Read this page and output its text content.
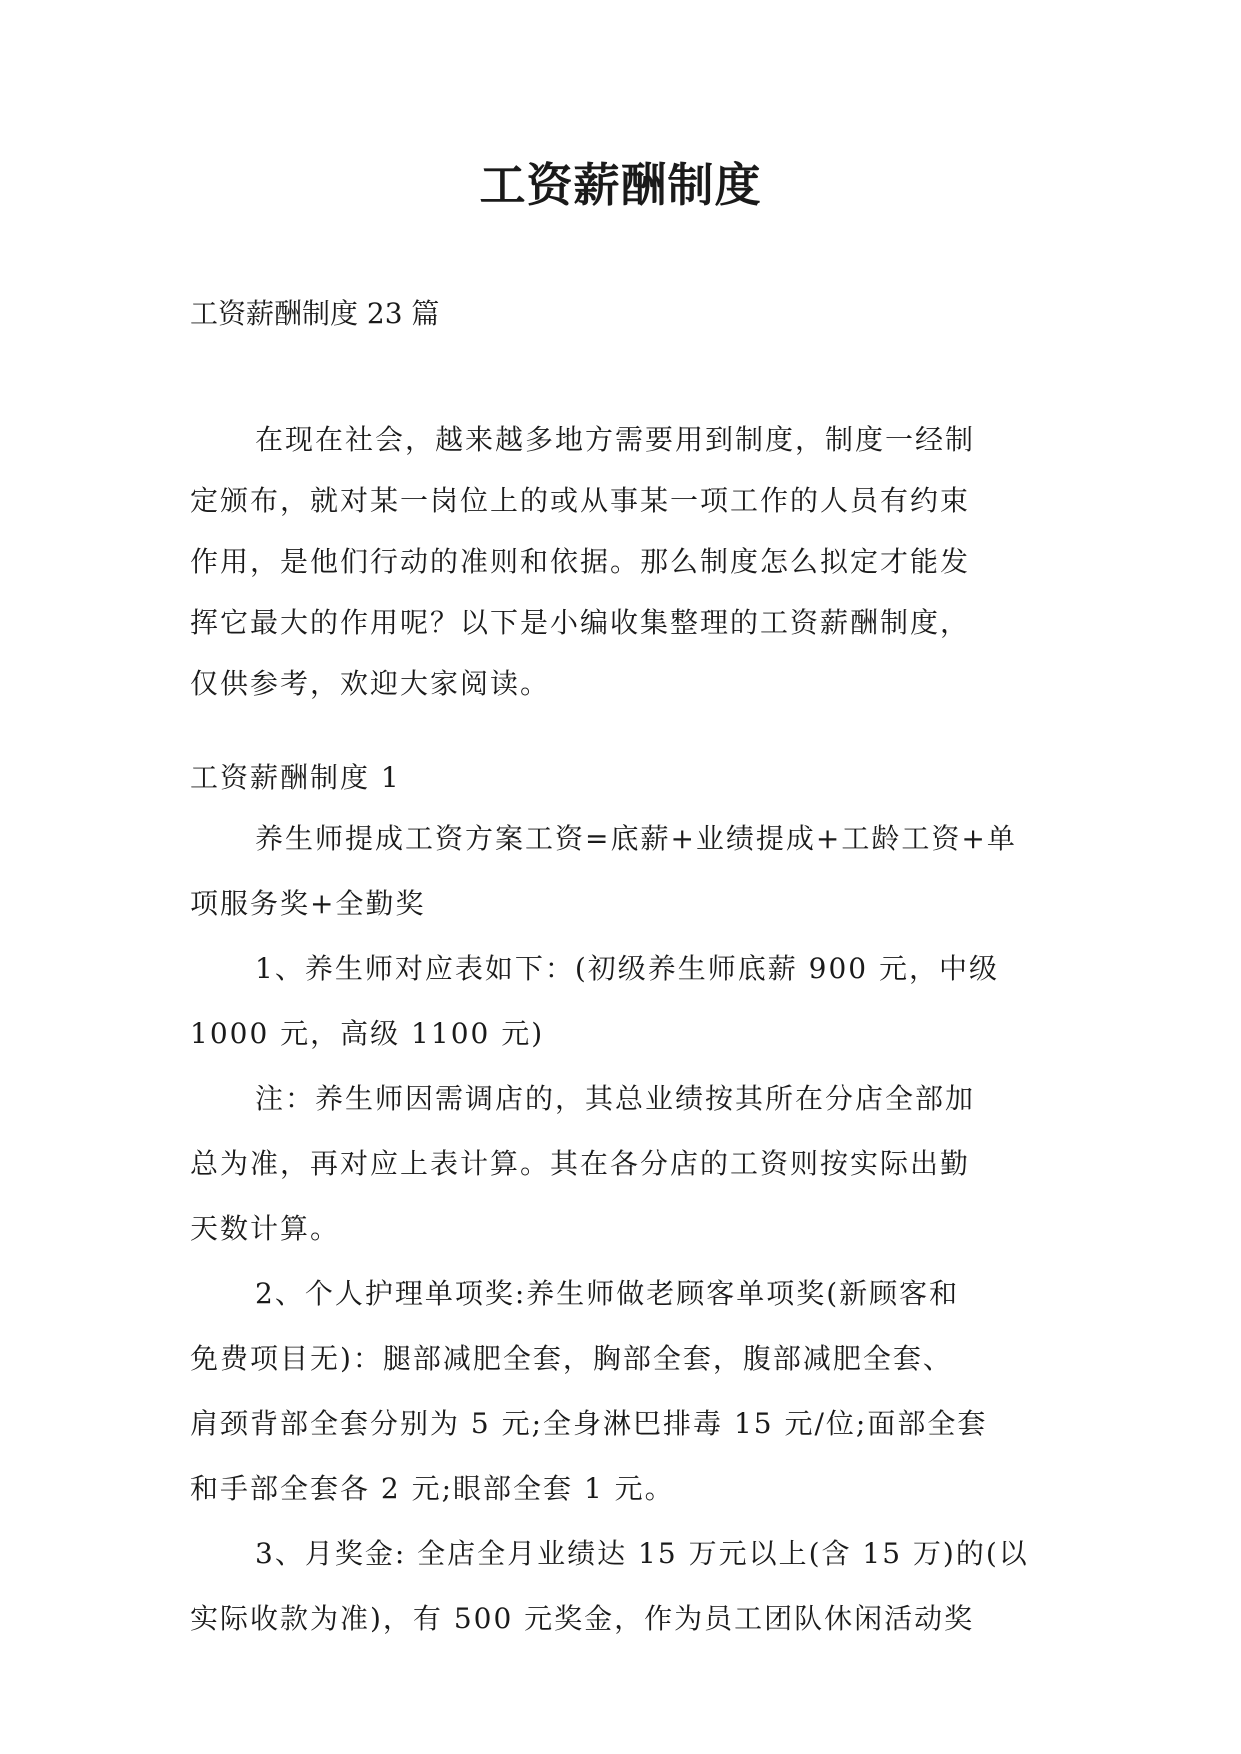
工资薪酬制度
工资薪酬制度 23 篇
在现在社会，越来越多地方需要用到制度，制度一经制
定颁布，就对某一岗位上的或从事某一项工作的人员有约束
作用，是他们行动的准则和依据。那么制度怎么拟定才能发
挥它最大的作用呢？以下是小编收集整理的工资薪酬制度，
仅供参考，欢迎大家阅读。
工资薪酬制度 1
养生师提成工资方案工资=底薪+业绩提成+工龄工资+单
项服务奖+全勤奖
1、养生师对应表如下：(初级养生师底薪 900 元，中级
1000 元，高级 1100 元)
注：养生师因需调店的，其总业绩按其所在分店全部加
总为准，再对应上表计算。其在各分店的工资则按实际出勤
天数计算。
2、个人护理单项奖:养生师做老顾客单项奖(新顾客和
免费项目无)：腿部减肥全套，胸部全套，腹部减肥全套、
肩颈背部全套分别为 5 元;全身淋巴排毒 15 元/位;面部全套
和手部全套各 2 元;眼部全套 1 元。
3、月奖金: 全店全月业绩达 15 万元以上(含 15 万)的(以
实际收款为准)，有 500 元奖金，作为员工团队休闲活动奖
